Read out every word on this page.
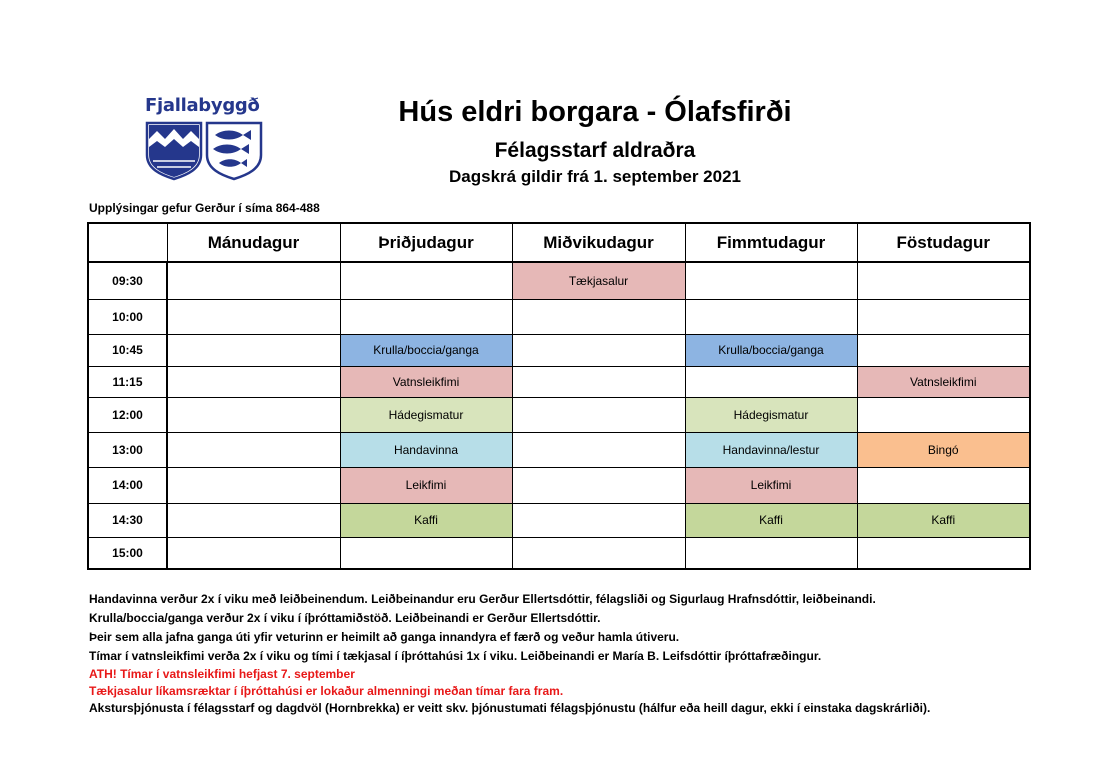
Fjallabyggð	Hús eldri borgara - Ólafsfirði
Félagsstarf aldraðra
Dagskrá gildir frá 1. september 2021
Upplýsingar gefur Gerður í síma 864-488
	Mánudagur	Þriðjudagur	Miðvikudagur	Fimmtudagur	Föstudagur
09:30			Tækjasalur		
10:00					
10:45		Krulla/boccia/ganga		Krulla/boccia/ganga	
11:15		Vatnsleikfimi			Vatnsleikfimi
12:00		Hádegismatur		Hádegismatur	
13:00		Handavinna		Handavinna/lestur	Bingó
14:00		Leikfimi		Leikfimi	
14:30		Kaffi		Kaffi	Kaffi
15:00					
Handavinna verður 2x í viku með leiðbeinendum. Leiðbeinandur eru Gerður Ellertsdóttir, félagsliði og Sigurlaug Hrafnsdóttir, leiðbeinandi.
Krulla/boccia/ganga verður 2x í viku í íþróttamiðstöð. Leiðbeinandi er Gerður Ellertsdóttir.
Þeir sem alla jafna ganga úti yfir veturinn er heimilt að ganga innandyra ef færð og veður hamla útiveru.
Tímar í vatnsleikfimi verða 2x í viku og tími í tækjasal í íþróttahúsi 1x í viku. Leiðbeinandi er María B. Leifsdóttir íþróttafræðingur.
ATH! Tímar í vatnsleikfimi hefjast 7. september
Tækjasalur líkamsræktar í íþróttahúsi er lokaður almenningi meðan tímar fara fram.
Akstursþjónusta í félagsstarf og dagdvöl (Hornbrekka) er veitt skv. þjónustumati félagsþjónustu (hálfur eða heill dagur, ekki í einstaka dagskrárliði).
